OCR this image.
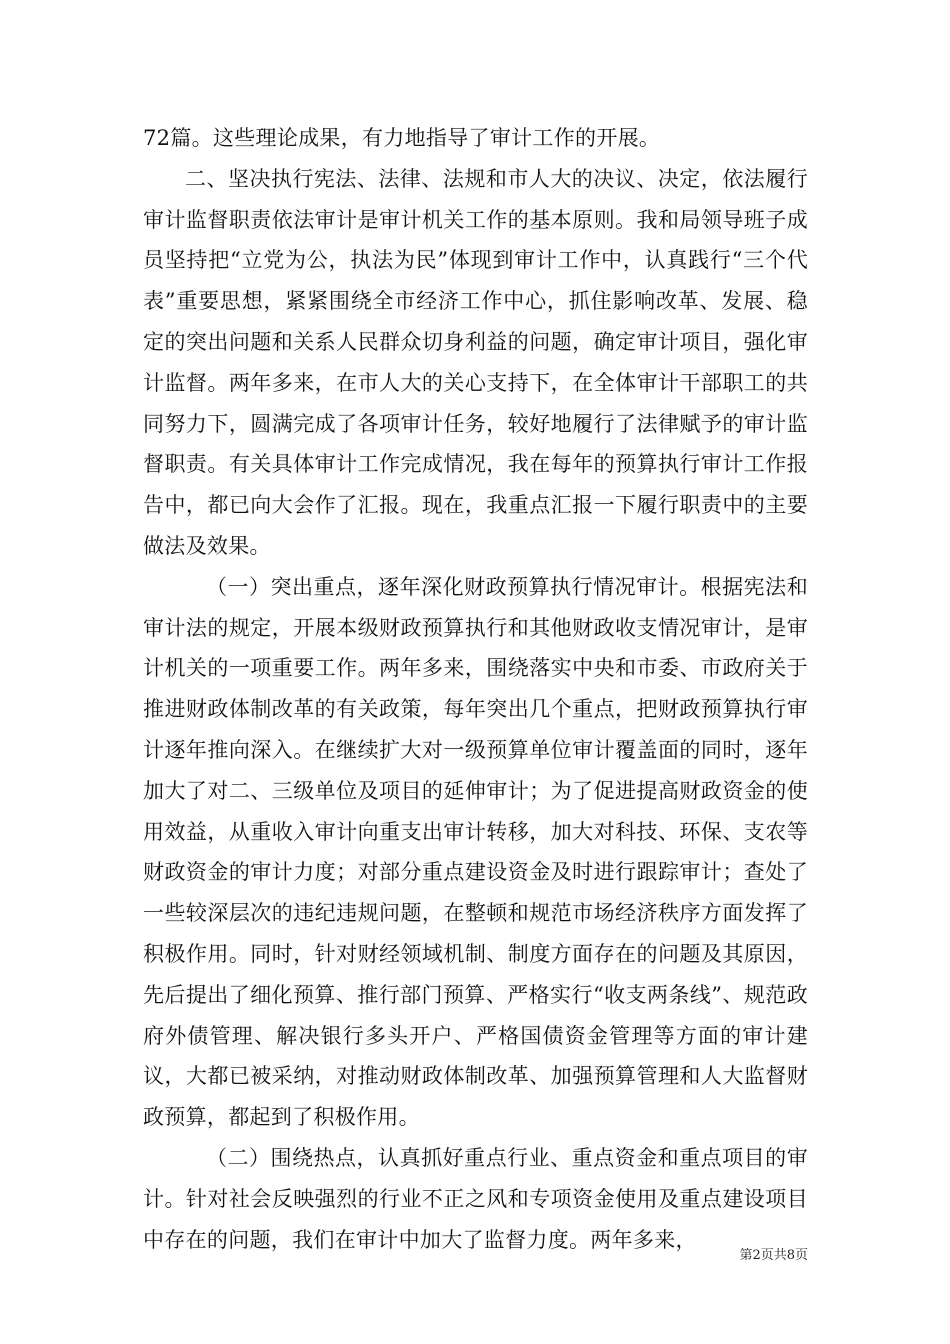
72篇。这些理论成果，有力地指导了审计工作的开展。

二、坚决执行宪法、法律、法规和市人大的决议、决定，依法履行审计监督职责依法审计是审计机关工作的基本原则。我和局领导班子成员坚持把“立党为公，执法为民”体现到审计工作中，认真践行“三个代表”重要思想，紧紧围绕全市经济工作中心，抓住影响改革、发展、稳定的突出问题和关系人民群众切身利益的问题，确定审计项目，强化审计监督。两年多来，在市人大的关心支持下，在全体审计干部职工的共同努力下，圆满完成了各项审计任务，较好地履行了法律赋予的审计监督职责。有关具体审计工作完成情况，我在每年的预算执行审计工作报告中，都已向大会作了汇报。现在，我重点汇报一下履行职责中的主要做法及效果。

（一）突出重点，逐年深化财政预算执行情况审计。根据宪法和审计法的规定，开展本级财政预算执行和其他财政收支情况审计，是审计机关的一项重要工作。两年多来，围绕落实中央和市委、市政府关于推进财政体制改革的有关政策，每年突出几个重点，把财政预算执行审计逐年推向深入。在继续扩大对一级预算单位审计覆盖面的同时，逐年加大了对二、三级单位及项目的延伸审计；为了促进提高财政资金的使用效益，从重收入审计向重支出审计转移，加大对科技、环保、支农等财政资金的审计力度；对部分重点建设资金及时进行跟踪审计；查处了一些较深层次的违纪违规问题，在整顿和规范市场经济秩序方面发挥了积极作用。同时，针对财经领域机制、制度方面存在的问题及其原因，先后提出了细化预算、推行部门预算、严格实行“收支两条线”、规范政府外债管理、解决银行多头开户、严格国债资金管理等方面的审计建议，大都已被采纳，对推动财政体制改革、加强预算管理和人大监督财政预算，都起到了积极作用。

（二）围绕热点，认真抓好重点行业、重点资金和重点项目的审计。针对社会反映强烈的行业不正之风和专项资金使用及重点建设项目中存在的问题，我们在审计中加大了监督力度。两年多来，

第2页共8页
